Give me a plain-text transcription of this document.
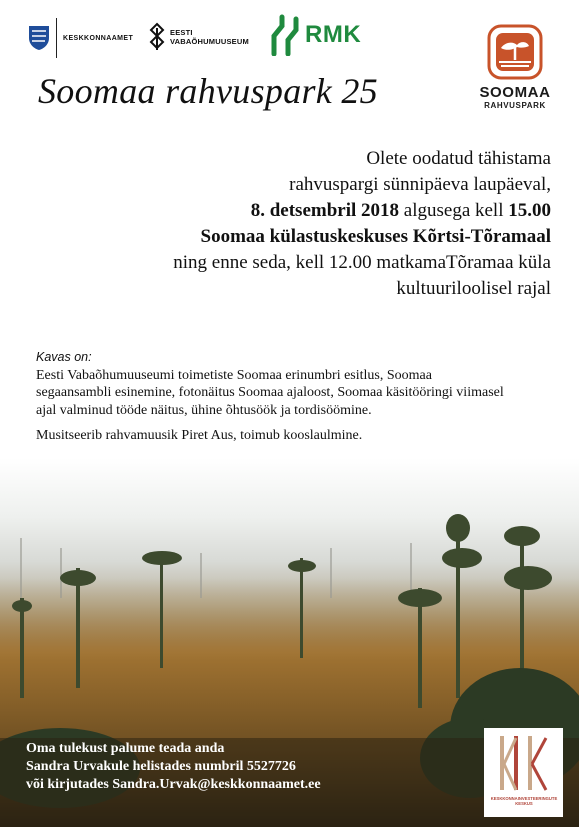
KESKKONNAAMET
EESTI
VABAÕHUMUUSEUM RMK
SOOMAA
RAHVUSPARK
Soomaa rahvuspark 25
Olete oodatud tähistama
rahvuspargi sünnipäeva laupäeval,
8. detsembril 2018 algusega kell 15.00
Soomaa külastuskeskuses Kõrtsi-Tõramaal
ning enne seda, kell 12.00 matkamaTõramaa küla
kultuuriloolisel rajal

Kavas on:

Eesti Vabaõhumuuseumi toimetiste Soomaa erinumbri esitlus, Soomaa segaansambli esinemine, fotonäitus Soomaa ajaloost, Soomaa käsitööringi viimasel ajal valminud tööde näitus, ühine õhtusöök ja tordisöömine.

Musitseerib rahvamuusik Piret Aus, toimub kooslaulmine.

Oma tulekust palume teada anda
Sandra Urvakule helistades numbril 5527726
või kirjutades Sandra.Urvak@keskkonnaamet.ee
KESKKONNAINVESTEERINGUTE
KESKUS
